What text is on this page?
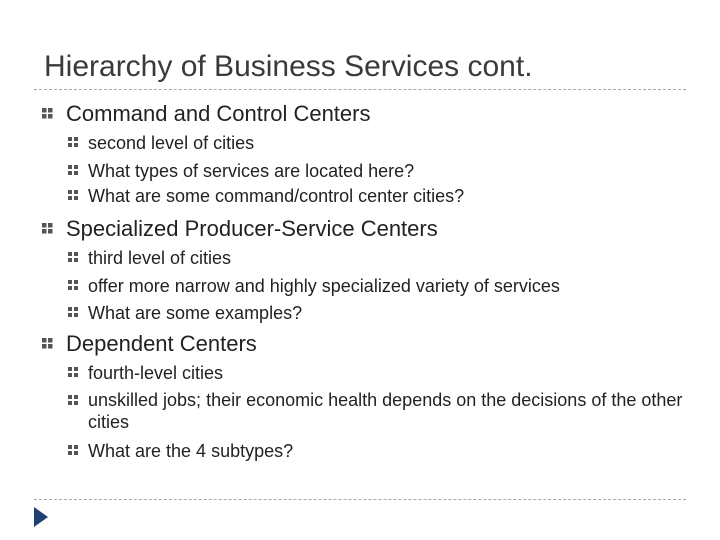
Hierarchy of Business Services cont.
Command and Control Centers
second level of cities
What types of services are located here?
What are some command/control center cities?
Specialized Producer-Service Centers
third level of cities
offer more narrow and highly specialized variety of services
What are some examples?
Dependent Centers
fourth-level cities
unskilled jobs; their economic health depends on the decisions of the other cities
What are the 4 subtypes?
